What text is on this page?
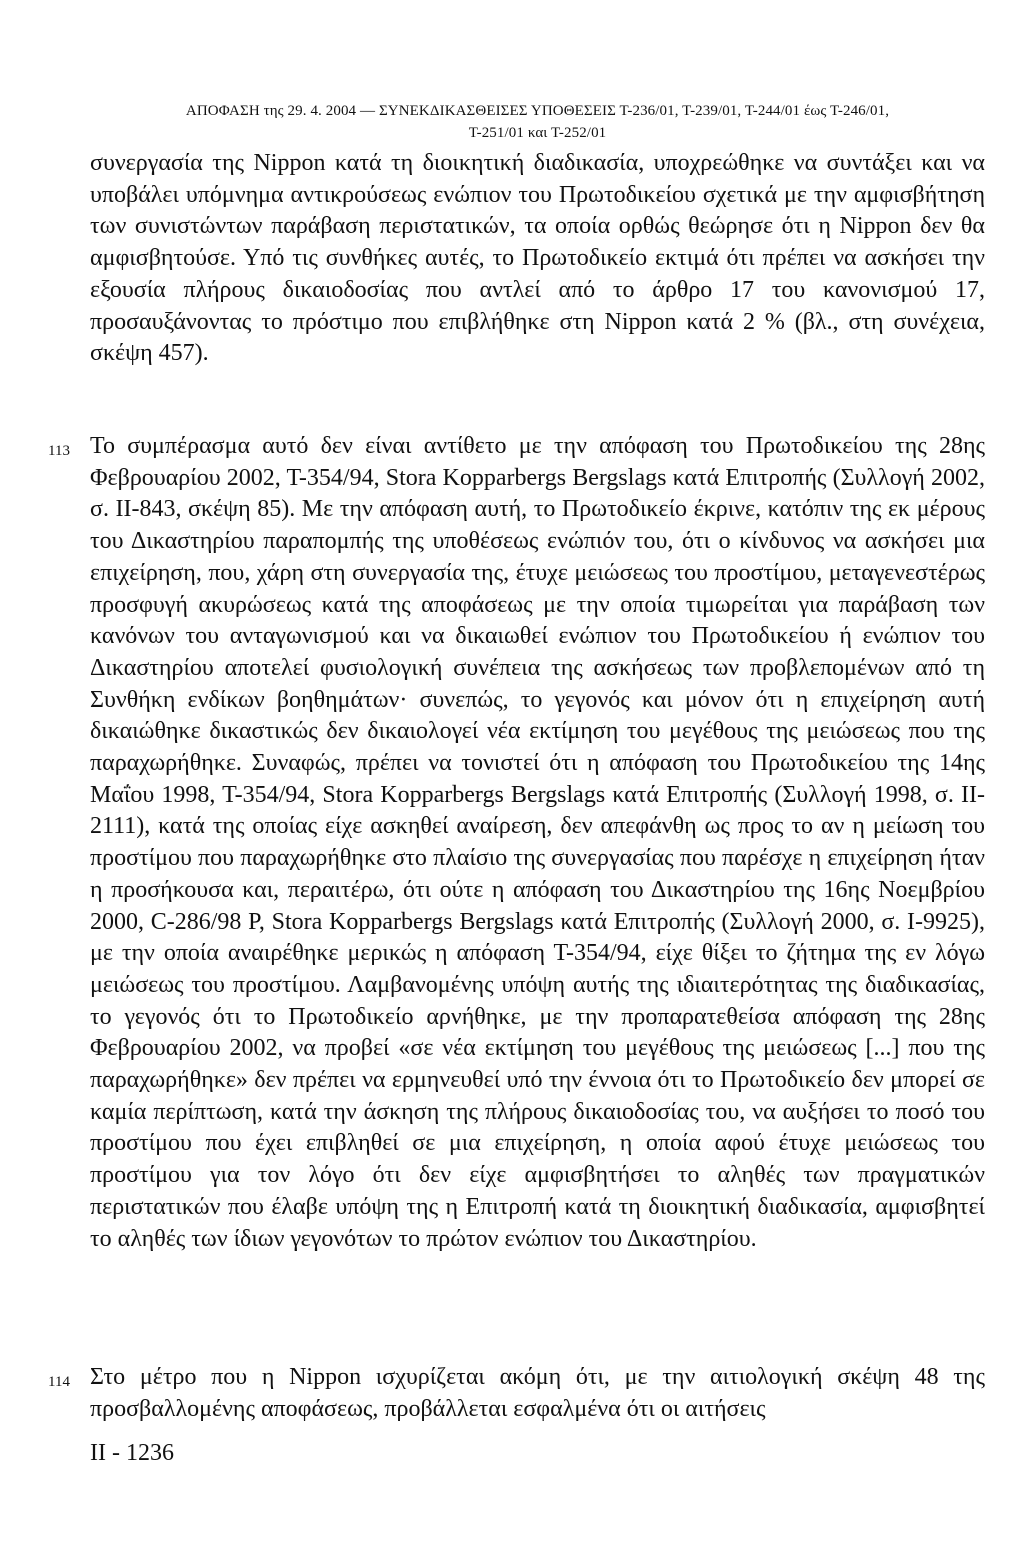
ΑΠΟΦΑΣΗ της 29. 4. 2004 — ΣΥΝΕΚΔΙΚΑΣΘΕΙΣΕΣ ΥΠΟΘΕΣΕΙΣ Τ-236/01, Τ-239/01, Τ-244/01 έως Τ-246/01,
Τ-251/01 και Τ-252/01
συνεργασία της Nippon κατά τη διοικητική διαδικασία, υποχρεώθηκε να συντάξει και να υποβάλει υπόμνημα αντικρούσεως ενώπιον του Πρωτοδικείου σχετικά με την αμφισβήτηση των συνιστώντων παράβαση περιστατικών, τα οποία ορθώς θεώρησε ότι η Nippon δεν θα αμφισβητούσε. Υπό τις συνθήκες αυτές, το Πρωτοδικείο εκτιμά ότι πρέπει να ασκήσει την εξουσία πλήρους δικαιοδοσίας που αντλεί από το άρθρο 17 του κανονισμού 17, προσαυξάνοντας το πρόστιμο που επιβλήθηκε στη Nippon κατά 2 % (βλ., στη συνέχεια, σκέψη 457).
113 Το συμπέρασμα αυτό δεν είναι αντίθετο με την απόφαση του Πρωτοδικείου της 28ης Φεβρουαρίου 2002, Τ-354/94, Stora Kopparbergs Bergslags κατά Επιτροπής (Συλλογή 2002, σ. II-843, σκέψη 85). Με την απόφαση αυτή, το Πρωτοδικείο έκρινε, κατόπιν της εκ μέρους του Δικαστηρίου παραπομπής της υποθέσεως ενώπιόν του, ότι ο κίνδυνος να ασκήσει μια επιχείρηση, που, χάρη στη συνεργασία της, έτυχε μειώσεως του προστίμου, μεταγενεστέρως προσφυγή ακυρώσεως κατά της αποφάσεως με την οποία τιμωρείται για παράβαση των κανόνων του ανταγωνισμού και να δικαιωθεί ενώπιον του Πρωτοδικείου ή ενώπιον του Δικαστηρίου αποτελεί φυσιολογική συνέπεια της ασκήσεως των προβλεπομένων από τη Συνθήκη ενδίκων βοηθημάτων· συνεπώς, το γεγονός και μόνον ότι η επιχείρηση αυτή δικαιώθηκε δικαστικώς δεν δικαιολογεί νέα εκτίμηση του μεγέθους της μειώσεως που της παραχωρήθηκε. Συναφώς, πρέπει να τονιστεί ότι η απόφαση του Πρωτοδικείου της 14ης Μαΐου 1998, Τ-354/94, Stora Kopparbergs Bergslags κατά Επιτροπής (Συλλογή 1998, σ. II-2111), κατά της οποίας είχε ασκηθεί αναίρεση, δεν απεφάνθη ως προς το αν η μείωση του προστίμου που παραχωρήθηκε στο πλαίσιο της συνεργασίας που παρέσχε η επιχείρηση ήταν η προσήκουσα και, περαιτέρω, ότι ούτε η απόφαση του Δικαστηρίου της 16ης Νοεμβρίου 2000, C-286/98 P, Stora Kopparbergs Bergslags κατά Επιτροπής (Συλλογή 2000, σ. I-9925), με την οποία αναιρέθηκε μερικώς η απόφαση Τ-354/94, είχε θίξει το ζήτημα της εν λόγω μειώσεως του προστίμου. Λαμβανομένης υπόψη αυτής της ιδιαιτερότητας της διαδικασίας, το γεγονός ότι το Πρωτοδικείο αρνήθηκε, με την προπαρατεθείσα απόφαση της 28ης Φεβρουαρίου 2002, να προβεί «σε νέα εκτίμηση του μεγέθους της μειώσεως [...] που της παραχωρήθηκε» δεν πρέπει να ερμηνευθεί υπό την έννοια ότι το Πρωτοδικείο δεν μπορεί σε καμία περίπτωση, κατά την άσκηση της πλήρους δικαιοδοσίας του, να αυξήσει το ποσό του προστίμου που έχει επιβληθεί σε μια επιχείρηση, η οποία αφού έτυχε μειώσεως του προστίμου για τον λόγο ότι δεν είχε αμφισβητήσει το αληθές των πραγματικών περιστατικών που έλαβε υπόψη της η Επιτροπή κατά τη διοικητική διαδικασία, αμφισβητεί το αληθές των ίδιων γεγονότων το πρώτον ενώπιον του Δικαστηρίου.
114 Στο μέτρο που η Nippon ισχυρίζεται ακόμη ότι, με την αιτιολογική σκέψη 48 της προσβαλλομένης αποφάσεως, προβάλλεται εσφαλμένα ότι οι αιτήσεις
II - 1236
